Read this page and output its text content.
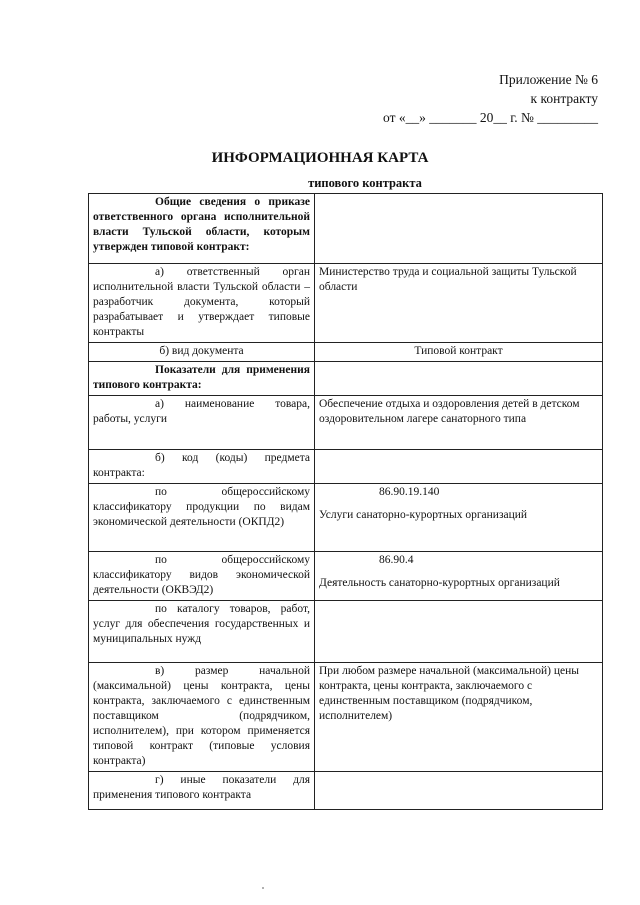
Приложение № 6
к контракту
от «__» _______ 20__ г. № _________
ИНФОРМАЦИОННАЯ КАРТА
типового контракта
Общие сведения о приказе ответственного органа исполнительной власти Тульской области, которым утвержден типовой контракт:	
а) ответственный орган исполнительной власти Тульской области – разработчик документа, который разрабатывает и утверждает типовые контракты	Министерство труда и социальной защиты Тульской области
б) вид документа	Типовой контракт
Показатели для применения типового контракта:	
а) наименование товара, работы, услуги	Обеспечение отдыха и оздоровления детей в детском оздоровительном лагере санаторного типа
б) код (коды) предмета контракта:	
по общероссийскому классификатору продукции по видам экономической деятельности (ОКПД2)	86.90.19.140
Услуги санаторно-курортных организаций
по общероссийскому классификатору видов экономической деятельности (ОКВЭД2)	86.90.4
Деятельность санаторно-курортных организаций
по каталогу товаров, работ, услуг для обеспечения государственных и муниципальных нужд	
в) размер начальной (максимальной) цены контракта, цены контракта, заключаемого с единственным поставщиком (подрядчиком, исполнителем), при котором применяется типовой контракт (типовые условия контракта)	При любом размере начальной (максимальной) цены контракта, цены контракта, заключаемого с единственным поставщиком (подрядчиком, исполнителем)
г) иные показатели для применения типового контракта	
